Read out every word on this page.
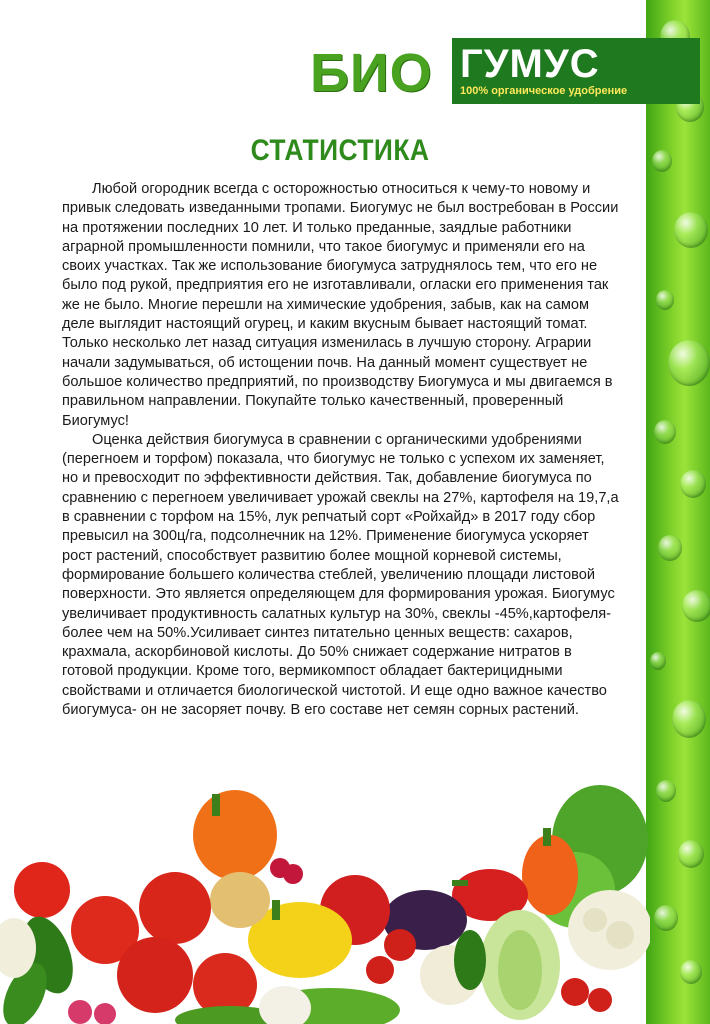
БИО ГУМУС
100% органическое удобрение
СТАТИСТИКА

Любой огородник всегда с осторожностью относиться к чему-то новому и привык следовать изведанными тропами. Биогумус не был востребован в России на протяжении последних 10 лет. И только преданные, заядлые работники аграрной промышленности помнили, что такое биогумус и применяли его на своих участках. Так же использование биогумуса затруднялось тем, что его не было под рукой, предприятия его не изготавливали, огласки его применения так же не было. Многие перешли на химические удобрения, забыв, как на самом деле выглядит настоящий огурец, и каким вкусным бывает настоящий томат. Только несколько лет назад ситуация изменилась в лучшую сторону. Аграрии начали задумываться, об истощении почв. На данный момент существует не большое количество предприятий, по производству Биогумуса и мы двигаемся в правильном направлении. Покупайте только качественный, проверенный Биогумус!

Оценка действия биогумуса в сравнении с органическими удобрениями (перегноем и торфом) показала, что биогумус не только с успехом их заменяет, но и превосходит по эффективности действия. Так, добавление биогумуса по сравнению с перегноем увеличивает урожай свеклы на 27%, картофеля на 19,7,а в сравнении с торфом на 15%, лук репчатый сорт «Ройхайд» в 2017 году сбор превысил на 300ц/га, подсолнечник на 12%. Применение биогумуса ускоряет рост растений, способствует развитию более мощной корневой системы, формирование большего количества стеблей, увеличению площади листовой поверхности. Это является определяющем для формирования урожая. Биогумус увеличивает продуктивность салатных культур на 30%, свеклы -45%,картофеля- более чем на 50%.Усиливает синтез питательно ценных веществ: сахаров, крахмала, аскорбиновой кислоты. До 50% снижает содержание нитратов в готовой продукции. Кроме того, вермикомпост обладает бактерицидными свойствами и отличается биологической чистотой. И еще одно важное качество биогумуса- он не засоряет почву. В его составе нет семян сорных растений.
